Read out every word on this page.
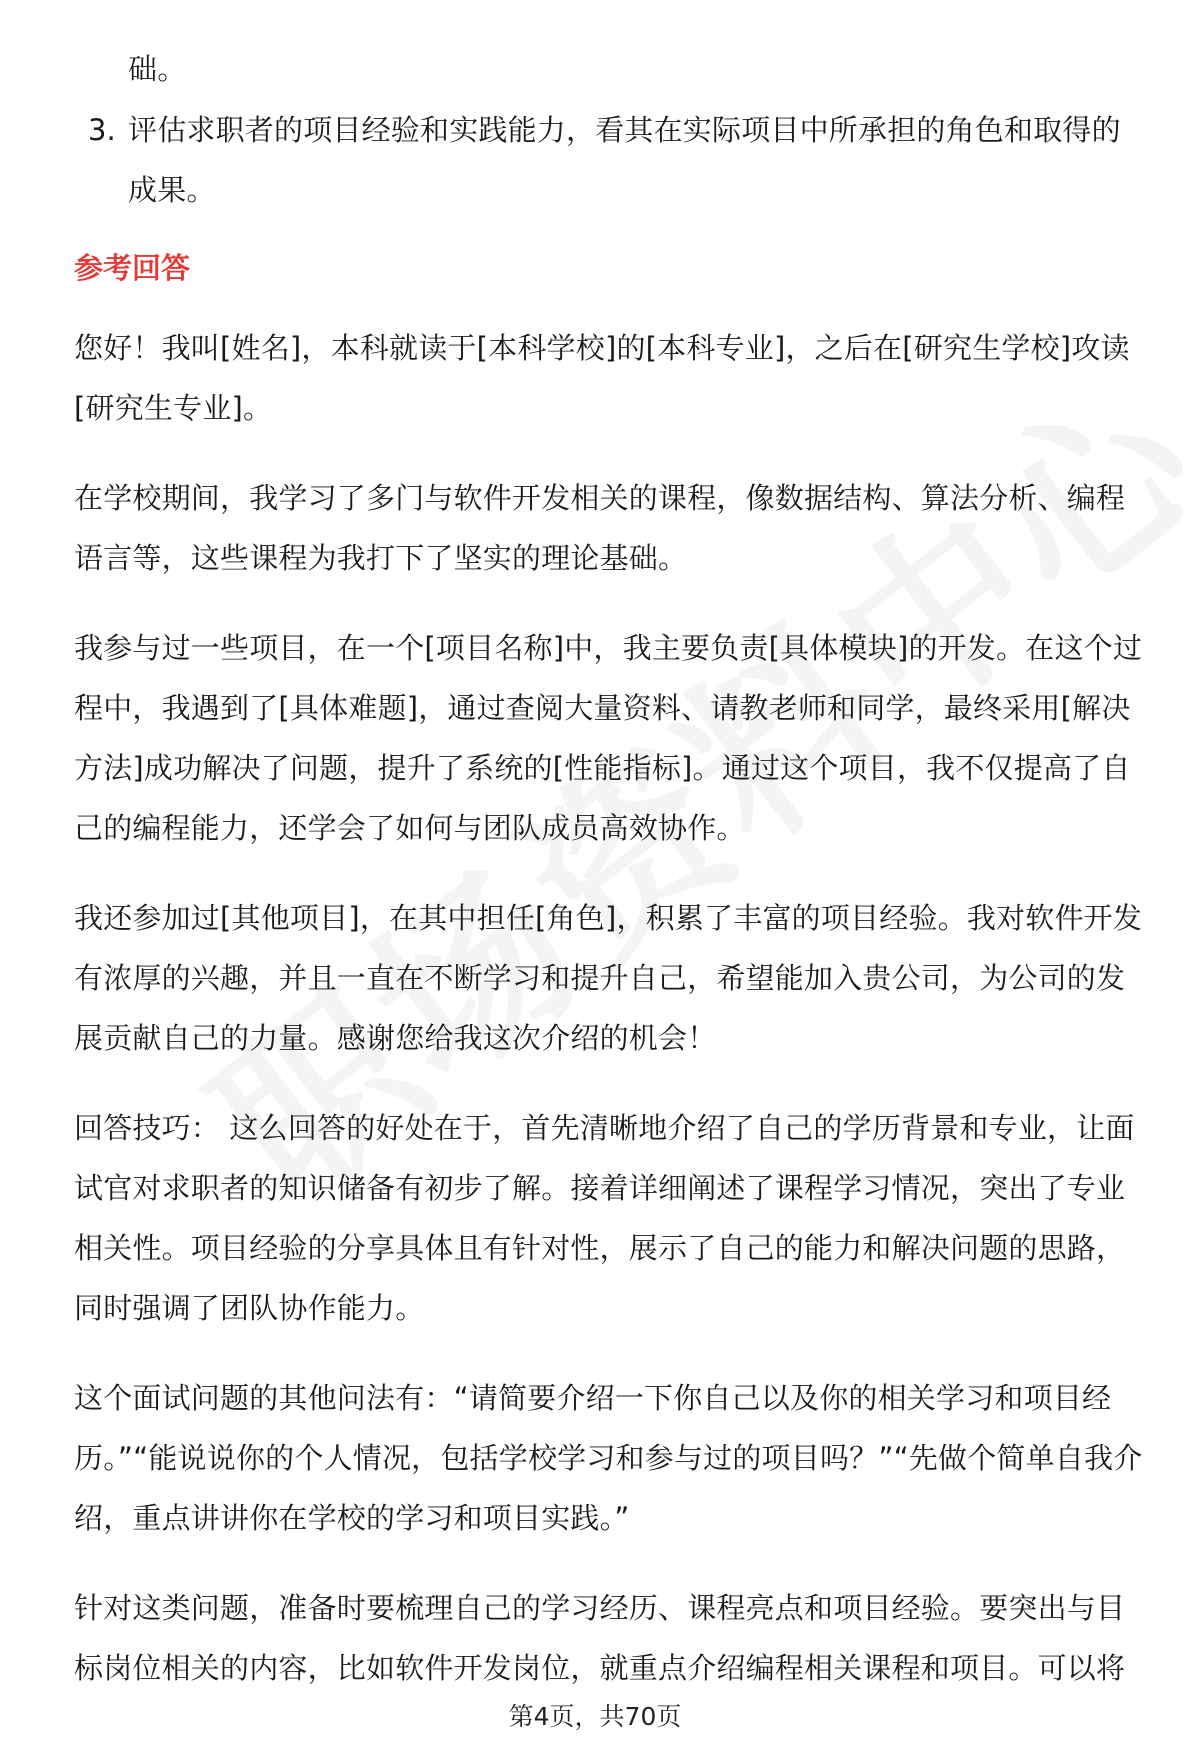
础。
3. 评估求职者的项目经验和实践能力，看其在实际项目中所承担的角色和取得的
成果。
参考回答
您好！我叫[姓名]，本科就读于[本科学校]的[本科专业]，之后在[研究生学校]攻读
[研究生专业]。
在学校期间，我学习了多门与软件开发相关的课程，像数据结构、算法分析、编程
语言等，这些课程为我打下了坚实的理论基础。
我参与过一些项目，在一个[项目名称]中，我主要负责[具体模块]的开发。在这个过
程中，我遇到了[具体难题]，通过查阅大量资料、请教老师和同学，最终采用[解决
方法]成功解决了问题，提升了系统的[性能指标]。通过这个项目，我不仅提高了自
己的编程能力，还学会了如何与团队成员高效协作。
我还参加过[其他项目]，在其中担任[角色]，积累了丰富的项目经验。我对软件开发
有浓厚的兴趣，并且一直在不断学习和提升自己，希望能加入贵公司，为公司的发
展贡献自己的力量。感谢您给我这次介绍的机会！
回答技巧： 这么回答的好处在于，首先清晰地介绍了自己的学历背景和专业，让面
试官对求职者的知识储备有初步了解。接着详细阐述了课程学习情况，突出了专业
相关性。项目经验的分享具体且有针对性，展示了自己的能力和解决问题的思路，
同时强调了团队协作能力。
这个面试问题的其他问法有：“请简要介绍一下你自己以及你的相关学习和项目经
历。”“能说说你的个人情况，包括学校学习和参与过的项目吗？”“先做个简单自我介
绍，重点讲讲你在学校的学习和项目实践。”
针对这类问题，准备时要梳理自己的学习经历、课程亮点和项目经验。要突出与目
标岗位相关的内容，比如软件开发岗位，就重点介绍编程相关课程和项目。可以将
第4页，共70页
